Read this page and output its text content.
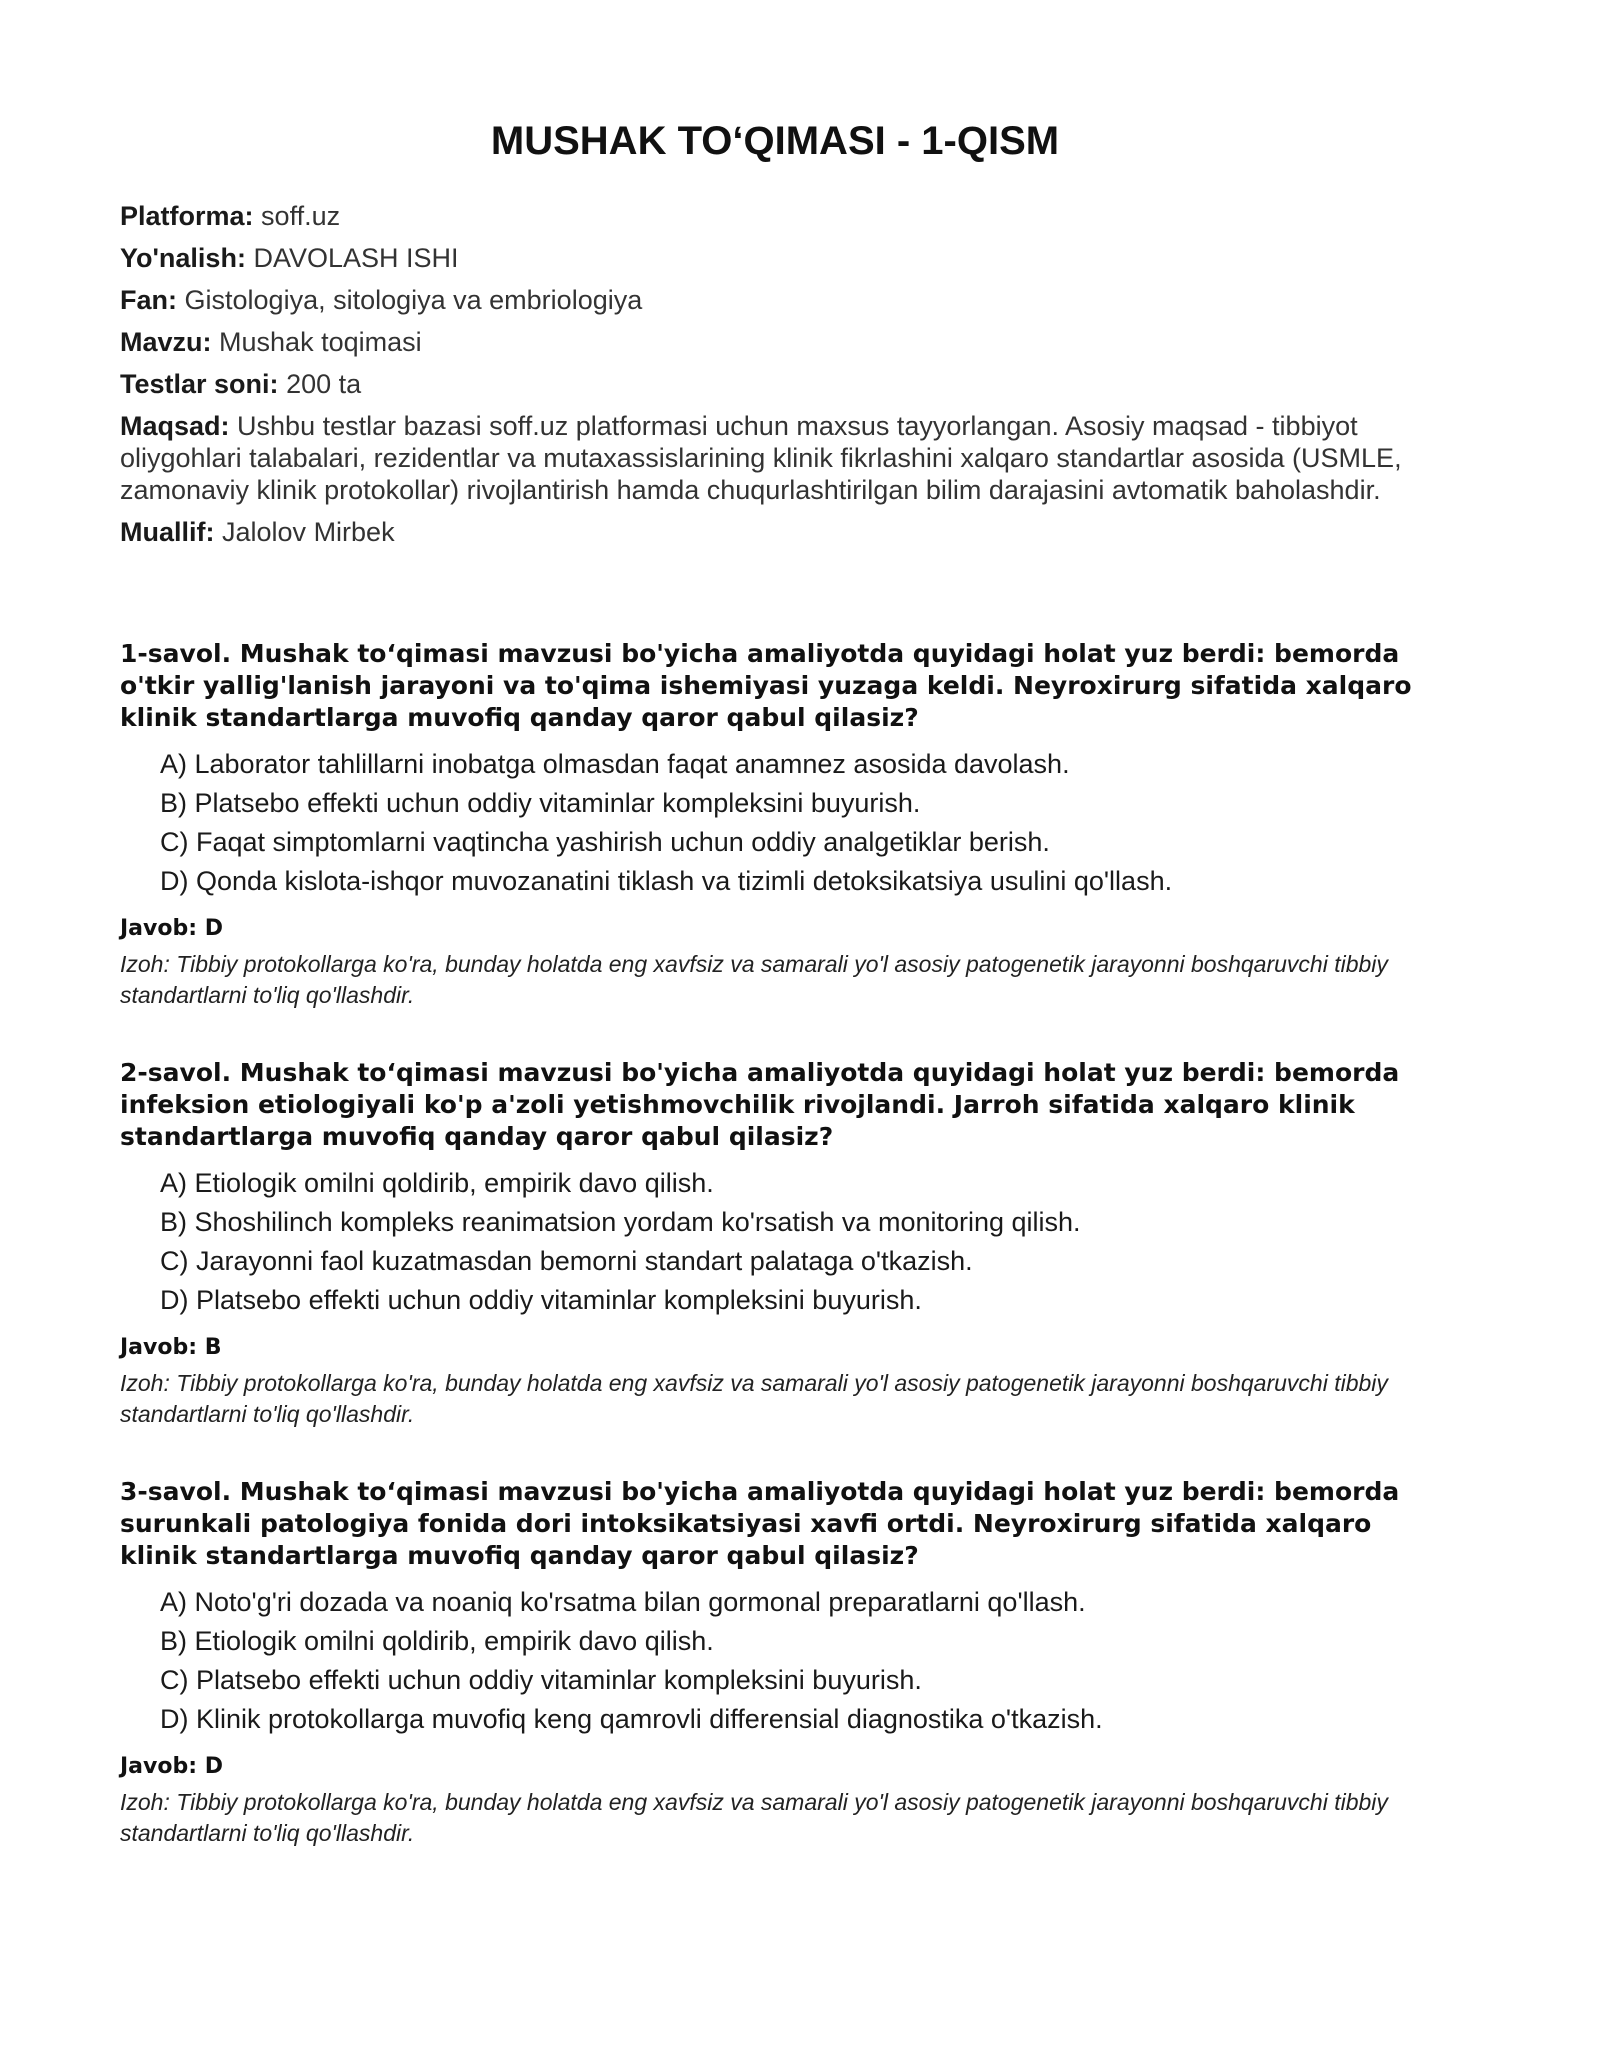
MUSHAK TO‘QIMASI - 1-QISM
Platforma: soff.uz
Yo'nalish: DAVOLASH ISHI
Fan: Gistologiya, sitologiya va embriologiya
Mavzu: Mushak toqimasi
Testlar soni: 200 ta
Maqsad: Ushbu testlar bazasi soff.uz platformasi uchun maxsus tayyorlangan. Asosiy maqsad - tibbiyot oliygohlari talabalari, rezidentlar va mutaxassislarining klinik fikrlashini xalqaro standartlar asosida (USMLE, zamonaviy klinik protokollar) rivojlantirish hamda chuqurlashtirilgan bilim darajasini avtomatik baholashdir.
Muallif: Jalolov Mirbek

1-savol. Mushak to‘qimasi mavzusi bo'yicha amaliyotda quyidagi holat yuz berdi: bemorda o'tkir yallig'lanish jarayoni va to'qima ishemiyasi yuzaga keldi. Neyroxirurg sifatida xalqaro klinik standartlarga muvofiq qanday qaror qabul qilasiz?

A) Laborator tahlillarni inobatga olmasdan faqat anamnez asosida davolash.
B) Platsebo effekti uchun oddiy vitaminlar kompleksini buyurish.
C) Faqat simptomlarni vaqtincha yashirish uchun oddiy analgetiklar berish.
D) Qonda kislota-ishqor muvozanatini tiklash va tizimli detoksikatsiya usulini qo'llash.
Javob: D

Izoh: Tibbiy protokollarga ko'ra, bunday holatda eng xavfsiz va samarali yo'l asosiy patogenetik jarayonni boshqaruvchi tibbiy standartlarni to'liq qo'llashdir.

2-savol. Mushak to‘qimasi mavzusi bo'yicha amaliyotda quyidagi holat yuz berdi: bemorda infeksion etiologiyali ko'p a'zoli yetishmovchilik rivojlandi. Jarroh sifatida xalqaro klinik standartlarga muvofiq qanday qaror qabul qilasiz?

A) Etiologik omilni qoldirib, empirik davo qilish.
B) Shoshilinch kompleks reanimatsion yordam ko'rsatish va monitoring qilish.
C) Jarayonni faol kuzatmasdan bemorni standart palataga o'tkazish.
D) Platsebo effekti uchun oddiy vitaminlar kompleksini buyurish.
Javob: B

Izoh: Tibbiy protokollarga ko'ra, bunday holatda eng xavfsiz va samarali yo'l asosiy patogenetik jarayonni boshqaruvchi tibbiy standartlarni to'liq qo'llashdir.

3-savol. Mushak to‘qimasi mavzusi bo'yicha amaliyotda quyidagi holat yuz berdi: bemorda surunkali patologiya fonida dori intoksikatsiyasi xavfi ortdi. Neyroxirurg sifatida xalqaro klinik standartlarga muvofiq qanday qaror qabul qilasiz?

A) Noto'g'ri dozada va noaniq ko'rsatma bilan gormonal preparatlarni qo'llash.
B) Etiologik omilni qoldirib, empirik davo qilish.
C) Platsebo effekti uchun oddiy vitaminlar kompleksini buyurish.
D) Klinik protokollarga muvofiq keng qamrovli differensial diagnostika o'tkazish.
Javob: D

Izoh: Tibbiy protokollarga ko'ra, bunday holatda eng xavfsiz va samarali yo'l asosiy patogenetik jarayonni boshqaruvchi tibbiy standartlarni to'liq qo'llashdir.
